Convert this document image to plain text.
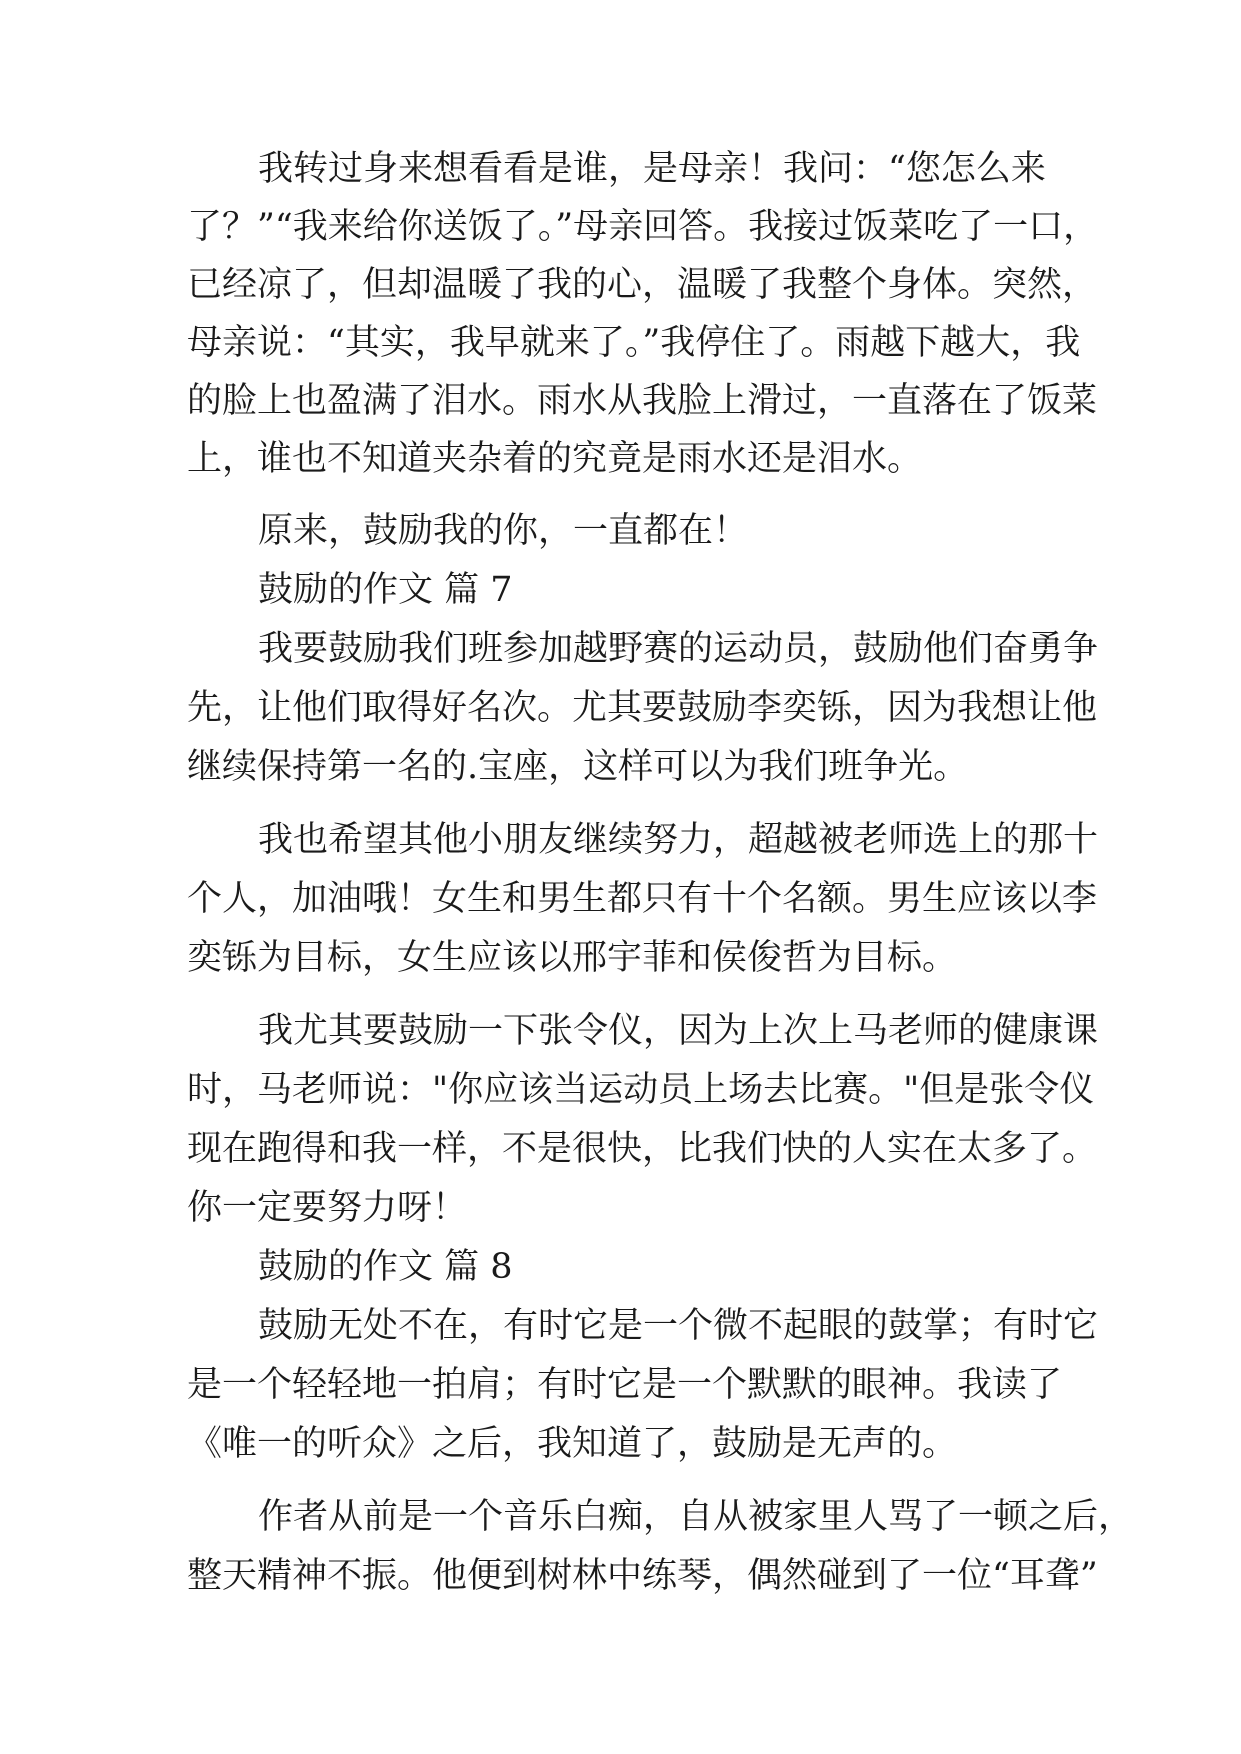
我转过身来想看看是谁，是母亲！我问：“您怎么来
了？”“我来给你送饭了。”母亲回答。我接过饭菜吃了一口，
已经凉了，但却温暖了我的心，温暖了我整个身体。突然，
母亲说：“其实，我早就来了。”我停住了。雨越下越大，我
的脸上也盈满了泪水。雨水从我脸上滑过，一直落在了饭菜
上，谁也不知道夹杂着的究竟是雨水还是泪水。
原来，鼓励我的你，一直都在！
鼓励的作文 篇 7
我要鼓励我们班参加越野赛的运动员，鼓励他们奋勇争
先，让他们取得好名次。尤其要鼓励李奕铄，因为我想让他
继续保持第一名的.宝座，这样可以为我们班争光。
我也希望其他小朋友继续努力，超越被老师选上的那十
个人，加油哦！女生和男生都只有十个名额。男生应该以李
奕铄为目标，女生应该以邢宇菲和侯俊哲为目标。
我尤其要鼓励一下张令仪，因为上次上马老师的健康课
时，马老师说："你应该当运动员上场去比赛。"但是张令仪
现在跑得和我一样，不是很快，比我们快的人实在太多了。
你一定要努力呀！
鼓励的作文 篇 8
鼓励无处不在，有时它是一个微不起眼的鼓掌；有时它
是一个轻轻地一拍肩；有时它是一个默默的眼神。我读了
《唯一的听众》之后，我知道了，鼓励是无声的。
作者从前是一个音乐白痴，自从被家里人骂了一顿之后，
整天精神不振。他便到树林中练琴，偶然碰到了一位“耳聋”
